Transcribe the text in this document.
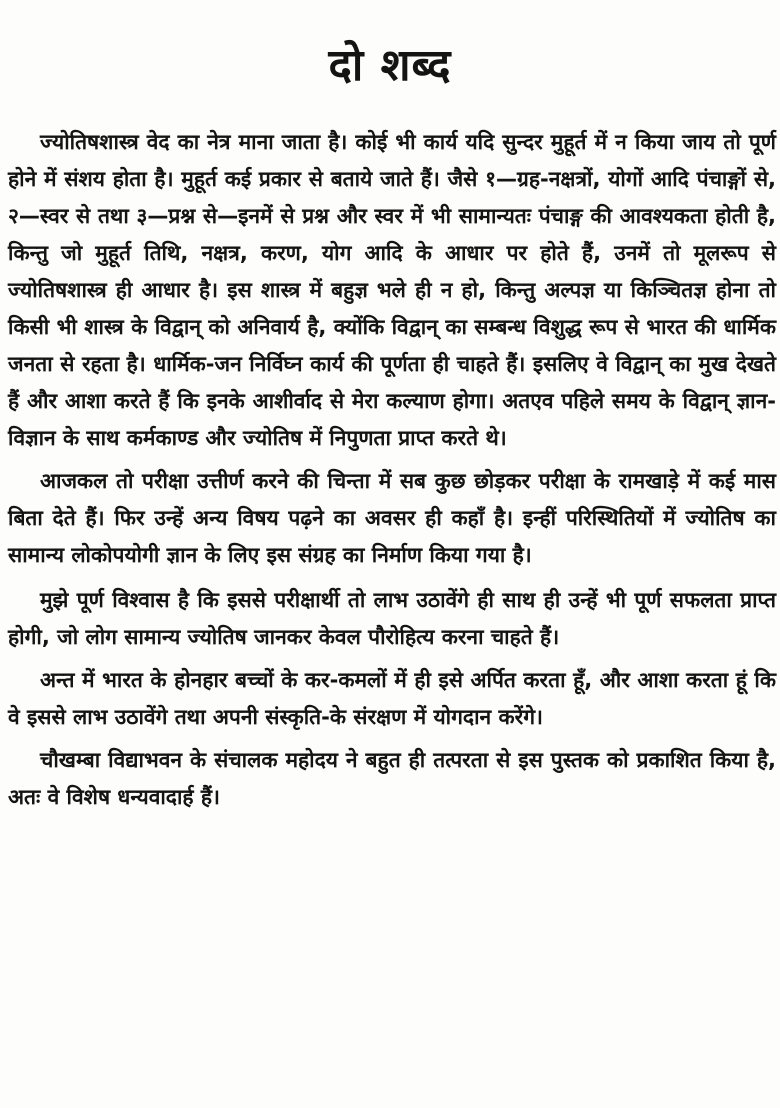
दो शब्द

ज्योतिषशास्त्र वेद का नेत्र माना जाता है। कोई भी कार्य यदि सुन्दर मुहूर्त में न किया जाय तो पूर्ण होने में संशय होता है। मुहूर्त कई प्रकार से बताये जाते हैं। जैसे १—ग्रह-नक्षत्रों, योगों आदि पंचाङ्गों से, २—स्वर से तथा ३—प्रश्न से—इनमें से प्रश्न और स्वर में भी सामान्यतः पंचाङ्ग की आवश्यकता होती है, किन्तु जो मुहूर्त तिथि, नक्षत्र, करण, योग आदि के आधार पर होते हैं, उनमें तो मूलरूप से ज्योतिषशास्त्र ही आधार है। इस शास्त्र में बहुज्ञ भले ही न हो, किन्तु अल्पज्ञ या किञ्चितज्ञ होना तो किसी भी शास्त्र के विद्वान् को अनिवार्य है, क्योंकि विद्वान् का सम्बन्ध विशुद्ध रूप से भारत की धार्मिक जनता से रहता है। धार्मिक-जन निर्विघ्न कार्य की पूर्णता ही चाहते हैं। इसलिए वे विद्वान् का मुख देखते हैं और आशा करते हैं कि इनके आशीर्वाद से मेरा कल्याण होगा। अतएव पहिले समय के विद्वान् ज्ञान-विज्ञान के साथ कर्मकाण्ड और ज्योतिष में निपुणता प्राप्त करते थे।

आजकल तो परीक्षा उत्तीर्ण करने की चिन्ता में सब कुछ छोड़कर परीक्षा के रामखाड़े में कई मास बिता देते हैं। फिर उन्हें अन्य विषय पढ़ने का अवसर ही कहाँ है। इन्हीं परिस्थितियों में ज्योतिष का सामान्य लोकोपयोगी ज्ञान के लिए इस संग्रह का निर्माण किया गया है।

मुझे पूर्ण विश्वास है कि इससे परीक्षार्थी तो लाभ उठावेंगे ही साथ ही उन्हें भी पूर्ण सफलता प्राप्त होगी, जो लोग सामान्य ज्योतिष जानकर केवल पौरोहित्य करना चाहते हैं।

अन्त में भारत के होनहार बच्चों के कर-कमलों में ही इसे अर्पित करता हूँ, और आशा करता हूं कि वे इससे लाभ उठावेंगे तथा अपनी संस्कृति-के संरक्षण में योगदान करेंगे।

चौखम्बा विद्याभवन के संचालक महोदय ने बहुत ही तत्परता से इस पुस्तक को प्रकाशित किया है, अतः वे विशेष धन्यवादार्ह हैं।
